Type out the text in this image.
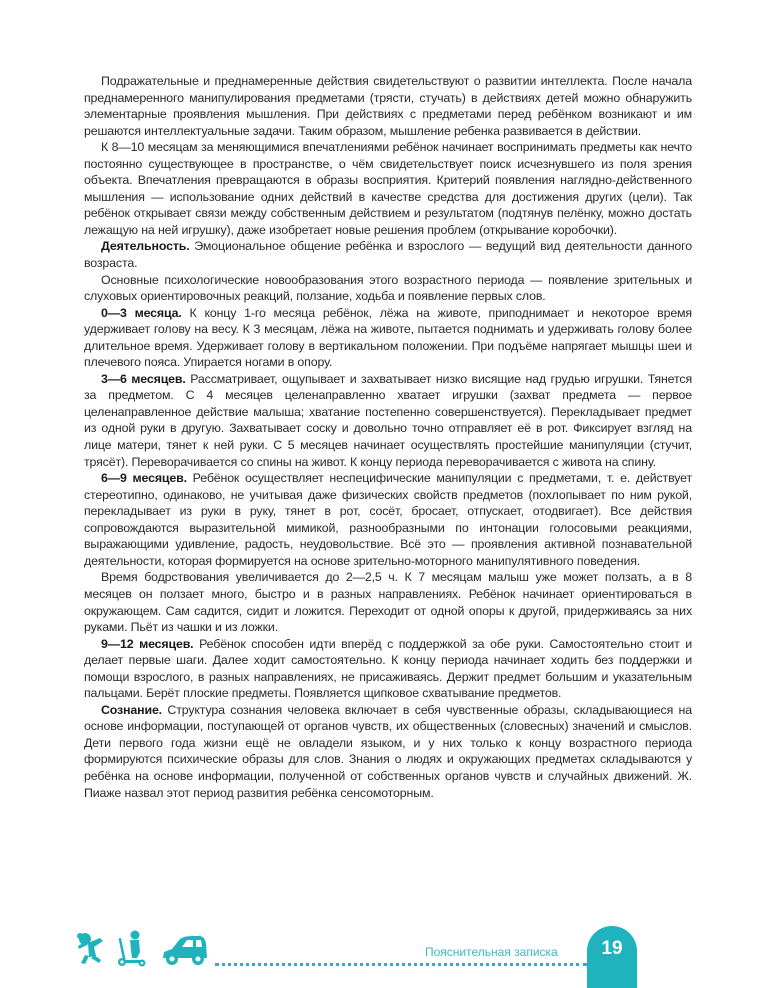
Подражательные и преднамеренные действия свидетельствуют о развитии интеллекта. После начала преднамеренного манипулирования предметами (трясти, стучать) в действиях детей можно обнаружить элементарные проявления мышления. При действиях с предметами перед ребёнком возникают и им решаются интеллектуальные задачи. Таким образом, мышление ребенка развивается в действии.

К 8—10 месяцам за меняющимися впечатлениями ребёнок начинает воспринимать предметы как нечто постоянно существующее в пространстве, о чём свидетельствует поиск исчезнувшего из поля зрения объекта. Впечатления превращаются в образы восприятия. Критерий появления наглядно-действенного мышления — использование одних действий в качестве средства для достижения других (цели). Так ребёнок открывает связи между собственным действием и результатом (подтянув пелёнку, можно достать лежащую на ней игрушку), даже изобретает новые решения проблем (открывание коробочки).

Деятельность. Эмоциональное общение ребёнка и взрослого — ведущий вид деятельности данного возраста.

Основные психологические новообразования этого возрастного периода — появление зрительных и слуховых ориентировочных реакций, ползание, ходьба и появление первых слов.

0—3 месяца. К концу 1-го месяца ребёнок, лёжа на животе, приподнимает и некоторое время удерживает голову на весу. К 3 месяцам, лёжа на животе, пытается поднимать и удерживать голову более длительное время. Удерживает голову в вертикальном положении. При подъёме напрягает мышцы шеи и плечевого пояса. Упирается ногами в опору.

3—6 месяцев. Рассматривает, ощупывает и захватывает низко висящие над грудью игрушки. Тянется за предметом. С 4 месяцев целенаправленно хватает игрушки (захват предмета — первое целенаправленное действие малыша; хватание постепенно совершенствуется). Перекладывает предмет из одной руки в другую. Захватывает соску и довольно точно отправляет её в рот. Фиксирует взгляд на лице матери, тянет к ней руки. С 5 месяцев начинает осуществлять простейшие манипуляции (стучит, трясёт). Переворачивается со спины на живот. К концу периода переворачивается с живота на спину.

6—9 месяцев. Ребёнок осуществляет неспецифические манипуляции с предметами, т. е. действует стереотипно, одинаково, не учитывая даже физических свойств предметов (похлопывает по ним рукой, перекладывает из руки в руку, тянет в рот, сосёт, бросает, отпускает, отодвигает). Все действия сопровождаются выразительной мимикой, разнообразными по интонации голосовыми реакциями, выражающими удивление, радость, неудовольствие. Всё это — проявления активной познавательной деятельности, которая формируется на основе зрительно-моторного манипулятивного поведения.

Время бодрствования увеличивается до 2—2,5 ч. К 7 месяцам малыш уже может ползать, а в 8 месяцев он ползает много, быстро и в разных направлениях. Ребёнок начинает ориентироваться в окружающем. Сам садится, сидит и ложится. Переходит от одной опоры к другой, придерживаясь за них руками. Пьёт из чашки и из ложки.

9—12 месяцев. Ребёнок способен идти вперёд с поддержкой за обе руки. Самостоятельно стоит и делает первые шаги. Далее ходит самостоятельно. К концу периода начинает ходить без поддержки и помощи взрослого, в разных направлениях, не присаживаясь. Держит предмет большим и указательным пальцами. Берёт плоские предметы. Появляется щипковое схватывание предметов.

Сознание. Структура сознания человека включает в себя чувственные образы, складывающиеся на основе информации, поступающей от органов чувств, их общественных (словесных) значений и смыслов. Дети первого года жизни ещё не овладели языком, и у них только к концу возрастного периода формируются психические образы для слов. Знания о людях и окружающих предметах складываются у ребёнка на основе информации, полученной от собственных органов чувств и случайных движений. Ж. Пиаже назвал этот период развития ребёнка сенсомоторным.

Пояснительная записка	19
